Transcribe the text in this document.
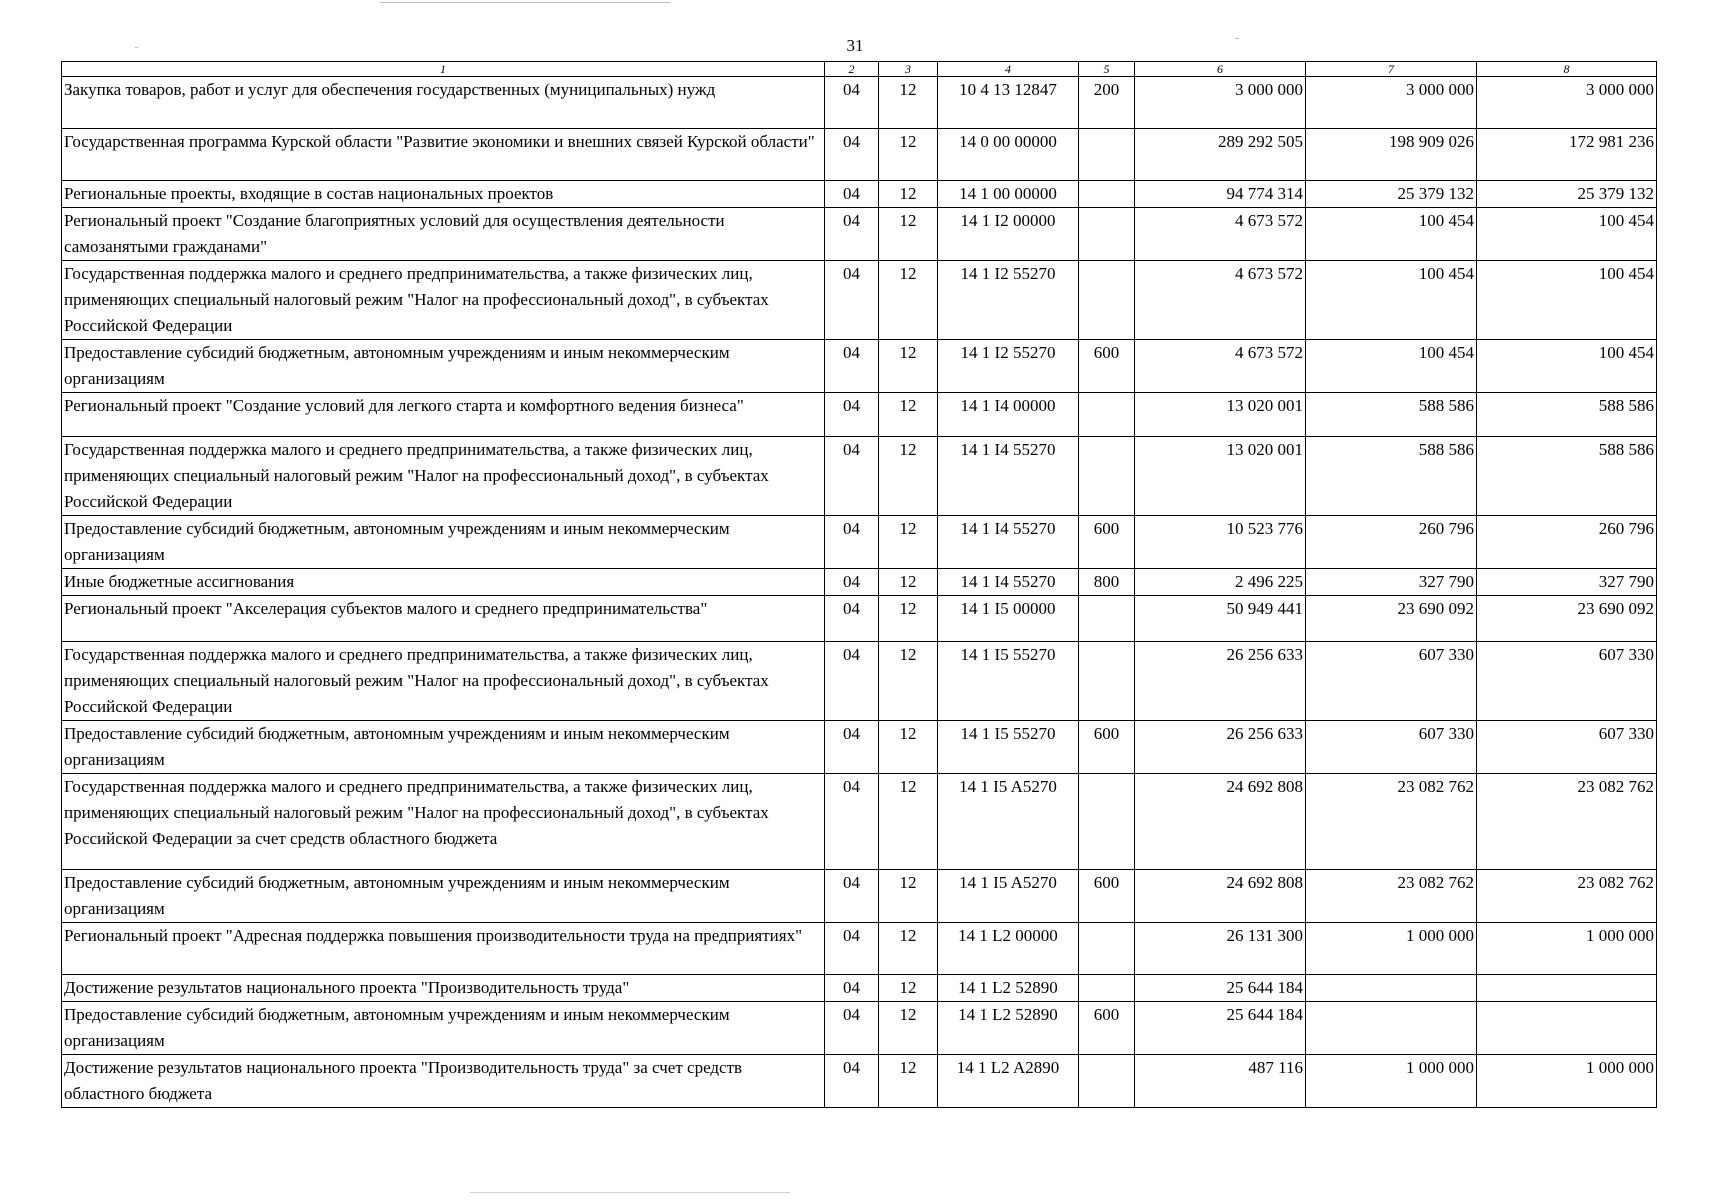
31
1	2	3	4	5	6	7	8
Закупка товаров, работ и услуг для обеспечения государственных (муниципальных) нужд	04	12	10 4 13 12847	200	3 000 000	3 000 000	3 000 000
Государственная программа Курской области "Развитие экономики и внешних связей Курской области"	04	12	14 0 00 00000		289 292 505	198 909 026	172 981 236
Региональные проекты, входящие в состав национальных проектов	04	12	14 1 00 00000		94 774 314	25 379 132	25 379 132
Региональный проект "Создание благоприятных условий для осуществления деятельности самозанятыми гражданами"	04	12	14 1 I2 00000		4 673 572	100 454	100 454
Государственная поддержка малого и среднего предпринимательства, а также физических лиц, применяющих специальный налоговый режим "Налог на профессиональный доход", в субъектах Российской Федерации	04	12	14 1 I2 55270		4 673 572	100 454	100 454
Предоставление субсидий бюджетным, автономным учреждениям и иным некоммерческим организациям	04	12	14 1 I2 55270	600	4 673 572	100 454	100 454
Региональный проект "Создание условий для легкого старта и комфортного ведения бизнеса"	04	12	14 1 I4 00000		13 020 001	588 586	588 586
Государственная поддержка малого и среднего предпринимательства, а также физических лиц, применяющих специальный налоговый режим "Налог на профессиональный доход", в субъектах Российской Федерации	04	12	14 1 I4 55270		13 020 001	588 586	588 586
Предоставление субсидий бюджетным, автономным учреждениям и иным некоммерческим организациям	04	12	14 1 I4 55270	600	10 523 776	260 796	260 796
Иные бюджетные ассигнования	04	12	14 1 I4 55270	800	2 496 225	327 790	327 790
Региональный проект "Акселерация субъектов малого и среднего предпринимательства"	04	12	14 1 I5 00000		50 949 441	23 690 092	23 690 092
Государственная поддержка малого и среднего предпринимательства, а также физических лиц, применяющих специальный налоговый режим "Налог на профессиональный доход", в субъектах Российской Федерации	04	12	14 1 I5 55270		26 256 633	607 330	607 330
Предоставление субсидий бюджетным, автономным учреждениям и иным некоммерческим организациям	04	12	14 1 I5 55270	600	26 256 633	607 330	607 330
Государственная поддержка малого и среднего предпринимательства, а также физических лиц, применяющих специальный налоговый режим "Налог на профессиональный доход", в субъектах Российской Федерации за счет средств областного бюджета	04	12	14 1 I5 A5270		24 692 808	23 082 762	23 082 762
Предоставление субсидий бюджетным, автономным учреждениям и иным некоммерческим организациям	04	12	14 1 I5 A5270	600	24 692 808	23 082 762	23 082 762
Региональный проект "Адресная поддержка повышения производительности труда на предприятиях"	04	12	14 1 L2 00000		26 131 300	1 000 000	1 000 000
Достижение результатов национального проекта "Производительность труда"	04	12	14 1 L2 52890		25 644 184		
Предоставление субсидий бюджетным, автономным учреждениям и иным некоммерческим организациям	04	12	14 1 L2 52890	600	25 644 184		
Достижение результатов национального проекта "Производительность труда" за счет средств областного бюджета	04	12	14 1 L2 A2890		487 116	1 000 000	1 000 000
